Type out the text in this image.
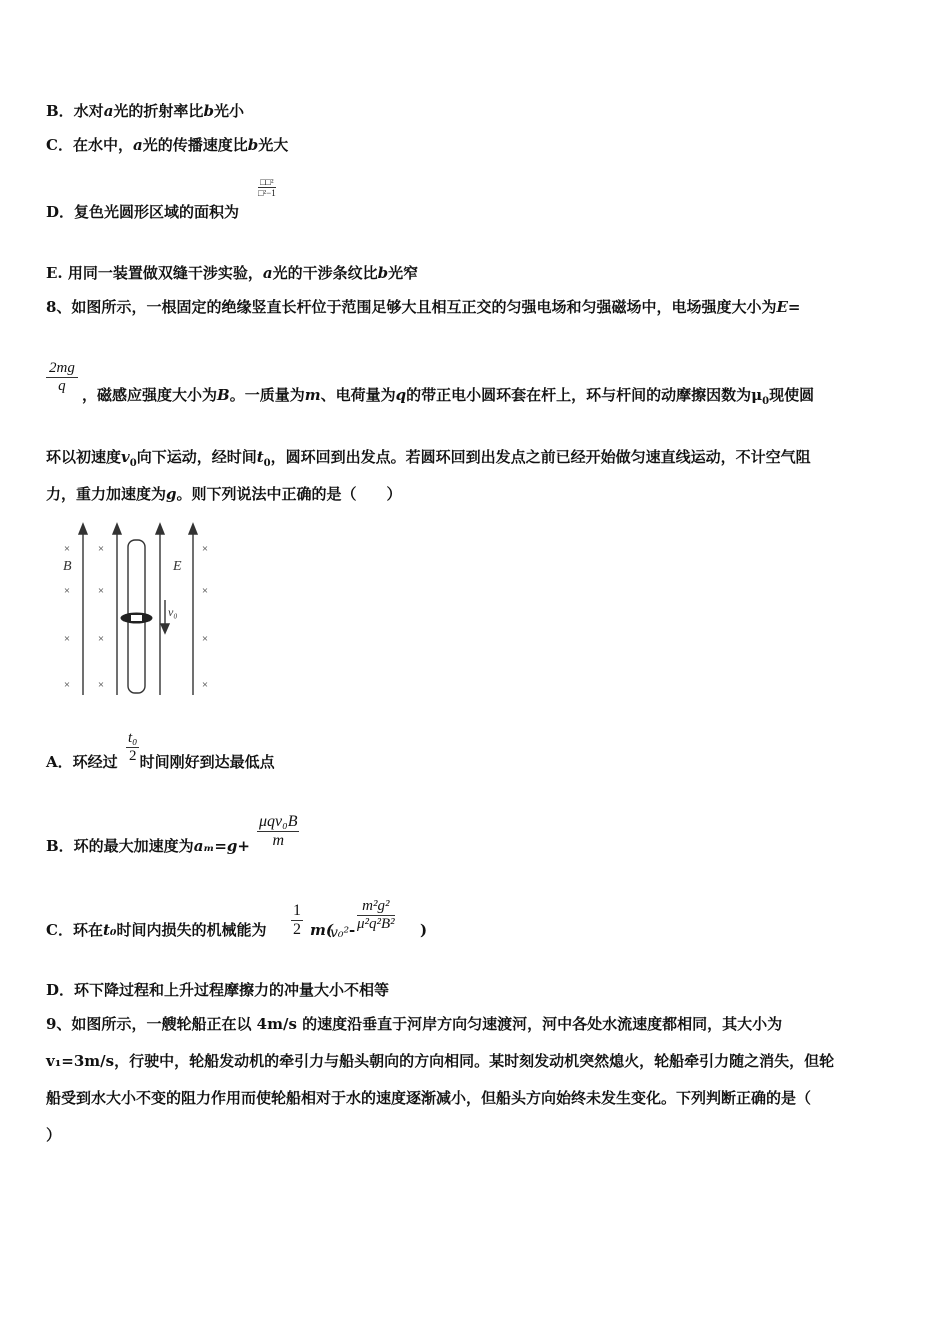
B．水对a光的折射率比b光小
C．在水中，a光的传播速度比b光大
D．复色光圆形区域的面积为
□□²
□²−1
E. 用同一装置做双缝干涉实验，a光的干涉条纹比b光窄
8、如图所示，一根固定的绝缘竖直长杆位于范围足够大且相互正交的匀强电场和匀强磁场中，电场强度大小为E=
$\frac{2mg}{q}$ ，磁感应强度大小为B。一质量为m、电荷量为q的带正电小圆环套在杆上，环与杆间的动摩擦因数为$\mu_0$现使圆
环以初速度$v_0$向下运动，经时间$t_0$，圆环回到出发点。若圆环回到出发点之前已经开始做匀速直线运动，不计空气阻
力，重力加速度为g。则下列说法中正确的是（　　）
×
×
×
×
×
×
×
×
×
×
×
×
B	E
v₀
A．环经过 时间刚好到达最低点
$\frac{\text{t₀}}{2}$
B．环的最大加速度为aₘ=g+
μqv₀B
m
C．环在t₀时间内损失的机械能为 $\frac{1}{2} m$(
$v_0^2 - \frac{\text{m²g²}}{\text{μ²q²B²}}$ )
D．环下降过程和上升过程摩擦力的冲量大小不相等
9、如图所示，一艘轮船正在以 4m/s 的速度沿垂直于河岸方向匀速渡河，河中各处水流速度都相同，其大小为
v₁=3m/s，行驶中，轮船发动机的牵引力与船头朝向的方向相同。某时刻发动机突然熄火，轮船牵引力随之消失，但轮
船受到水大小不变的阻力作用而使轮船相对于水的速度逐渐减小，但船头方向始终未发生变化。下列判断正确的是（
）
